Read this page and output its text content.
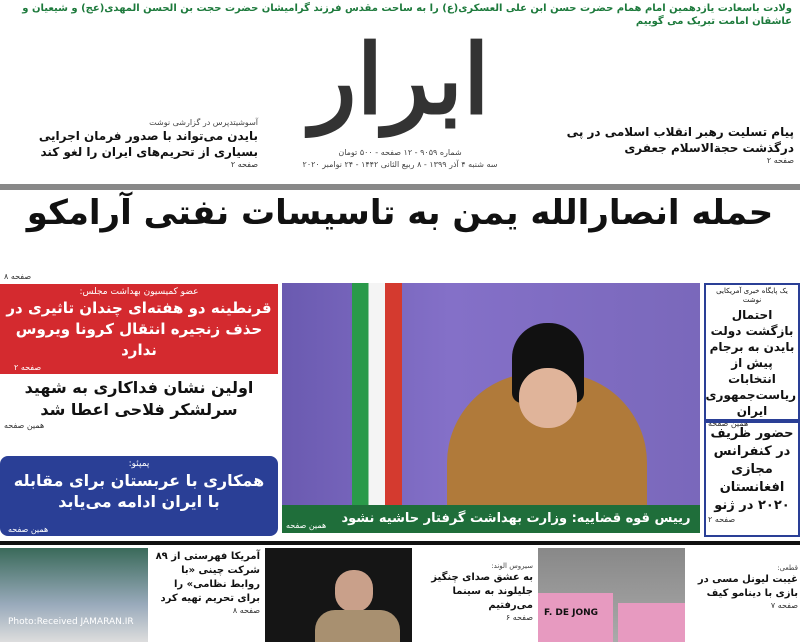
ولادت باسعادت یازدهمین امام همام حضرت حسن ابن علی العسکری(ع) را به ساحت مقدس فرزند گرامیشان حضرت حجت بن الحسن المهدی(عج) و شیعیان و عاشقان امامت تبریک می گوییم
ابرار
شماره ۹۰۵۹ - ۱۲ صفحه - ۵۰۰ تومان
سه شنبه ۴ آذر ۱۳۹۹ - ۸ ربیع الثانی ۱۴۴۲ - ۲۴ نوامبر ۲۰۲۰
آسوشیتدپرس در گزارشی نوشت
بایدن می‌تواند با صدور فرمان اجرایی بسیاری از تحریم‌های ایران را لغو کند
صفحه ۲
پیام تسلیت رهبر انقلاب اسلامی در پی درگذشت حجة‌الاسلام جعفری
صفحه ۲
حمله انصارالله یمن به تاسیسات نفتی آرامکو
صفحه ۸
عضو کمیسیون بهداشت مجلس:
قرنطینه دو هفته‌ای چندان تاثیری در حذف زنجیره انتقال کرونا ویروس ندارد
صفحه ۲
اولین نشان فداکاری به شهید سرلشکر فلاحی اعطا شد
همین صفحه
پمپئو:
همکاری با عربستان برای مقابله با ایران ادامه می‌یابد
همین صفحه
رییس قوه قضاییه: وزارت بهداشت گرفتار حاشیه نشود
همین صفحه
یک پایگاه خبری آمریکایی نوشت
احتمال بازگشت دولت بایدن به برجام پیش از انتخابات ریاست‌جمهوری ایران
همین صفحه
حضور ظریف در کنفرانس مجازی افغانستان ۲۰۲۰ در ژنو
صفحه ۲
Photo:Received JAMARAN.IR
آمریکا فهرستی از ۸۹ شرکت چینی «با روابط نظامی» را برای تحریم تهیه کرد
صفحه ۸
سیروس الوند:
به عشق صدای چنگیز جلیلوند به سینما می‌رفتیم
صفحه ۶ F. DE JONG
قطعی:
غیبت لیونل مسی در بازی با دینامو کیف
صفحه ۷
